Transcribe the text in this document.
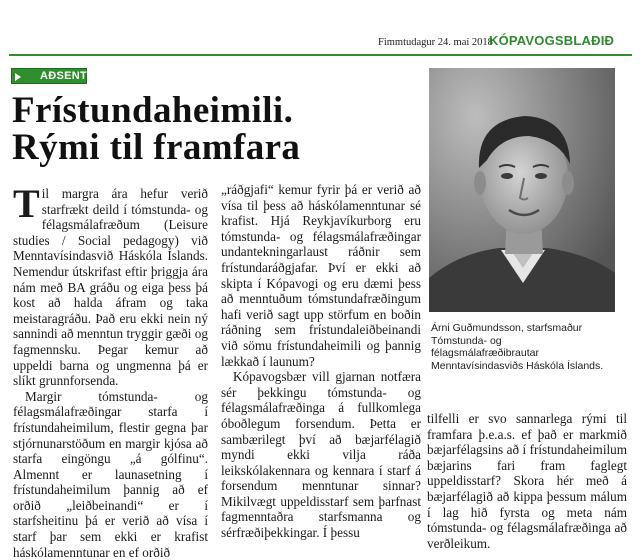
Fimmtudagur 24. maí 2018
KÓPAVOGSBLAÐIÐ
AÐSENT
Frístundaheimili.
Rými til framfara

Til margra ára hefur verið starfrækt deild í tómstunda- og félagsmálafræðum (Leisure studies / Social pedagogy) við Menntavísindasvið Háskóla Íslands. Nemendur útskrifast eftir þriggja ára nám með BA gráðu og eiga þess þá kost að halda áfram og taka meistaragráðu. Það eru ekki nein ný sannindi að menntun tryggir gæði og fagmennsku. Þegar kemur að uppeldi barna og ungmenna þá er slíkt grunnforsenda.

Margir tómstunda- og félagsmálafræðingar starfa í frístundaheimilum, flestir gegna þar stjórnunarstöðum en margir kjósa að starfa eingöngu „á gólfinu“. Almennt er launasetning í frístundaheimilum þannig að ef orðið „leiðbeinandi“ er í starfsheitinu þá er verið að vísa í starf þar sem ekki er krafist háskólamenntunar en ef orðið

„ráðgjafi“ kemur fyrir þá er verið að vísa til þess að háskólamenntunar sé krafist. Hjá Reykjavíkurborg eru tómstunda- og félagsmálafræðingar undantekningarlaust ráðnir sem frístundaráðgjafar. Því er ekki að skipta í Kópavogi og eru dæmi þess að menntuðum tómstundafræðingum hafi verið sagt upp störfum en boðin ráðning sem frístundaleiðbeinandi við sömu frístundaheimili og þannig lækkað í launum?

Kópavogsbær vill gjarnan notfæra sér þekkingu tómstunda- og félagsmálafræðinga á fullkomlega óboðlegum forsendum. Þetta er sambærilegt því að bæjarfélagið myndi ekki vilja ráða leikskólakennara og kennara í starf á forsendum menntunar sinnar? Mikilvægt uppeldisstarf sem þarfnast fagmenntaðra starfsmanna og sérfræðiþekkingar. Í þessu

tilfelli er svo sannarlega rými til framfara þ.e.a.s. ef það er markmið bæjarfélagsins að í frístundaheimilum bæjarins fari fram faglegt uppeldisstarf? Skora hér með á bæjarfélagið að kippa þessum málum í lag hið fyrsta og meta nám tómstunda- og félagsmálafræðinga að verðleikum.

Árni Guðmundsson, starfsmaður Tómstunda- og félagsmálafræðibrautar Menntavísindasviðs Háskóla Íslands.
